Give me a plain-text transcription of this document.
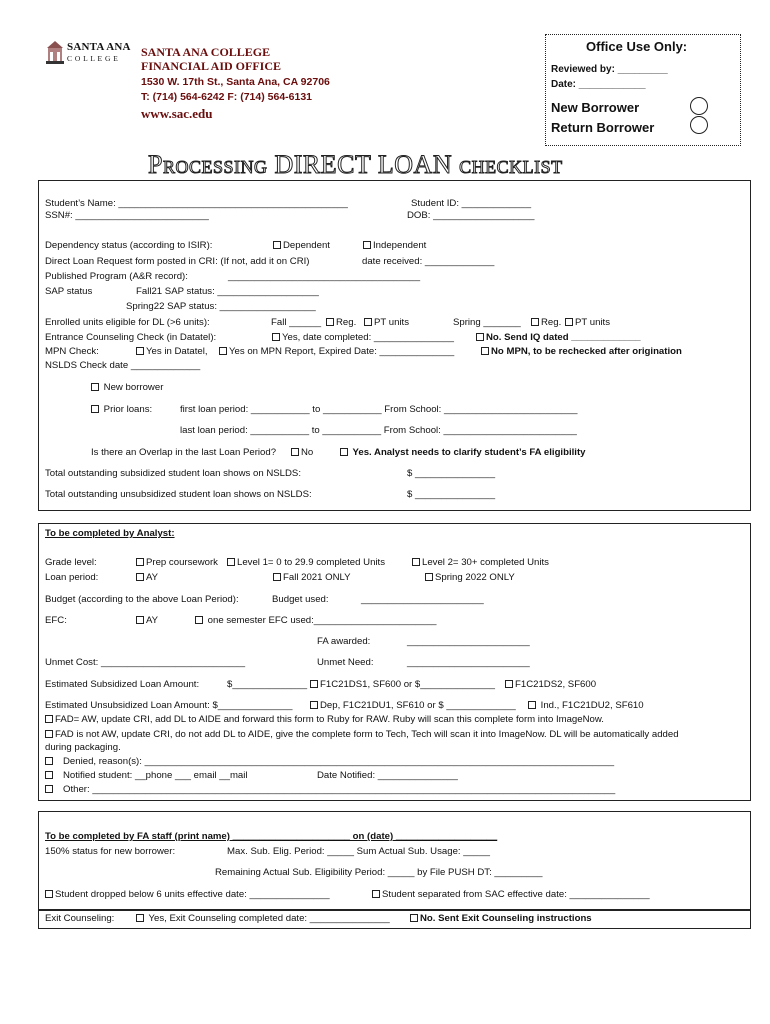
SANTA ANA
C O L L E G E SANTA ANA COLLEGE
FINANCIAL AID OFFICE
1530 W. 17th St., Santa Ana, CA 92706
T: (714) 564-6242 F: (714) 564-6131
www.sac.edu
Office Use Only:
Reviewed by: _________
Date: ____________
New Borrower
Return Borrower
Processing DIRECT LOAN checklist
Student’s Name: ___________________________________________	Student ID: _____________
SSN#: _________________________	DOB: ___________________
Dependency status (according to ISIR):	Dependent	Independent
Direct Loan Request form posted in CRI: (If not, add it on CRI)	date received: _____________
Published Program (A&R record):	____________________________________
SAP status	Fall21 SAP status: ___________________
Spring22 SAP status: __________________
Enrolled units eligible for DL (>6 units):	Fall ______	Reg.	PT units	Spring _______	Reg.	PT units
Entrance Counseling Check (in Datatel):	Yes, date completed: _______________	No. Send IQ dated _____________
MPN Check:	Yes in Datatel,	Yes on MPN Report, Expired Date: ______________	No MPN, to be rechecked after origination
NSLDS Check date _____________
New borrower
Prior loans:	first loan period: ___________ to ___________ From School: _________________________
last loan period: ___________ to ___________ From School: _________________________
Is there an Overlap in the last Loan Period?	No	Yes. Analyst needs to clarify student’s FA eligibility
Total outstanding subsidized student loan shows on NSLDS:	$ _______________
Total outstanding unsubsidized student loan shows on NSLDS:	$ _______________
To be completed by Analyst:
Grade level:	Prep coursework	Level 1= 0 to 29.9 completed Units	Level 2= 30+ completed Units
Loan period:	AY	Fall 2021 ONLY	Spring 2022 ONLY
Budget (according to the above Loan Period):	Budget used:	_______________________
EFC:	AY	one semester EFC used:_______________________
FA awarded:	_______________________
Unmet Cost: ___________________________	Unmet Need:	_______________________
Estimated Subsidized Loan Amount:	$______________	F1C21DS1, SF600 or $______________	F1C21DS2, SF600
Estimated Unsubsidized Loan Amount: $______________	Dep, F1C21DU1, SF610 or $ _____________	Ind., F1C21DU2, SF610
FAD= AW, update CRI, add DL to AIDE and forward this form to Ruby for RAW. Ruby will scan this complete form into ImageNow.
FAD is not AW, update CRI, do not add DL to AIDE, give the complete form to Tech, Tech will scan it into ImageNow. DL will be automatically added
during packaging.
Denied, reason(s): ________________________________________________________________________________________
Notified student: __phone ___ email __mail	Date Notified: _______________
Other: __________________________________________________________________________________________________
To be completed by FA staff (print name) ______________________ on (date) ___________________
150% status for new borrower:	Max. Sub. Elig. Period: _____ Sum Actual Sub. Usage: _____
Remaining Actual Sub. Eligibility Period: _____ by File PUSH DT: _________
Student dropped below 6 units effective date: _______________	Student separated from SAC effective date: _______________
Exit Counseling:	Yes, Exit Counseling completed date: _______________	No. Sent Exit Counseling instructions
